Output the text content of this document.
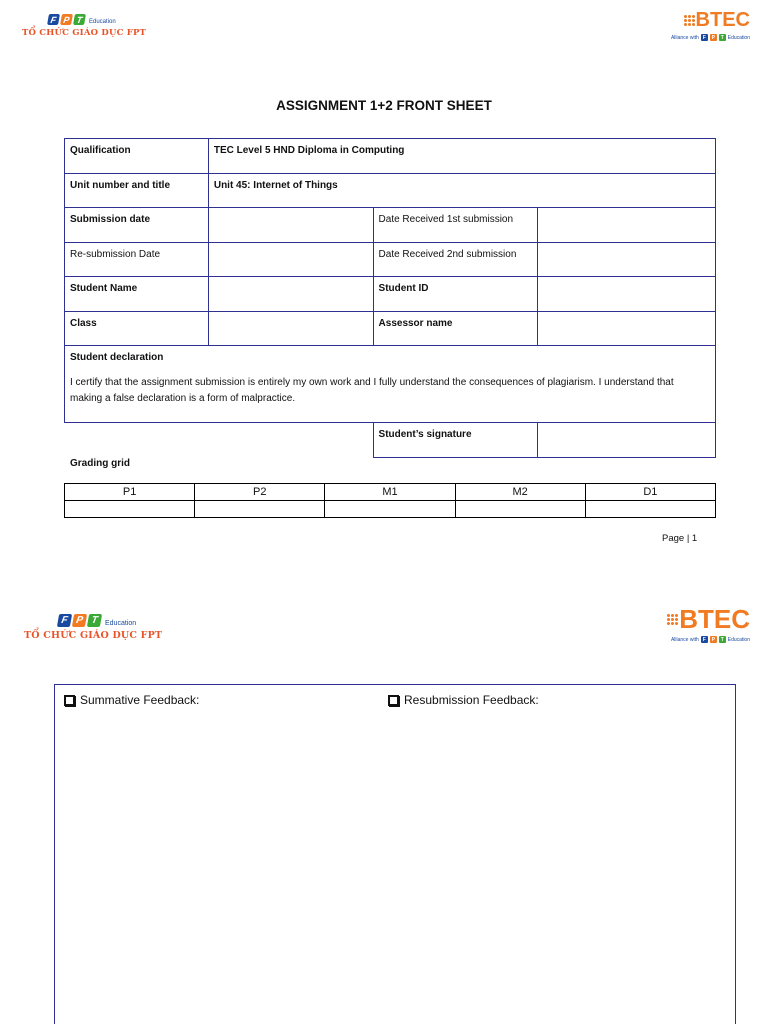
F P T Education
TỔ CHỨC GIÁO DỤC FPT
BTEC
Alliance with F	P	T Education
ASSIGNMENT 1+2 FRONT SHEET
Qualification	TEC Level 5 HND Diploma in Computing		
Unit number and title	Unit 45: Internet of Things		
Submission date		Date Received 1st submission	
Re-submission Date		Date Received 2nd submission	
Student Name		Student ID	
Class		Assessor name	

Student declaration
I certify that the assignment submission is entirely my own work and I fully understand the consequences of plagiarism. I understand that making a false declaration is a form of malpractice.			

		Student’s signature	
Grading grid
P1	P2	M1	M2	D1

Page | 1
F P T Education
TỔ CHỨC GIÁO DỤC FPT
BTEC
Alliance with F	P	T Education
Summative Feedback:	Resubmission Feedback:
